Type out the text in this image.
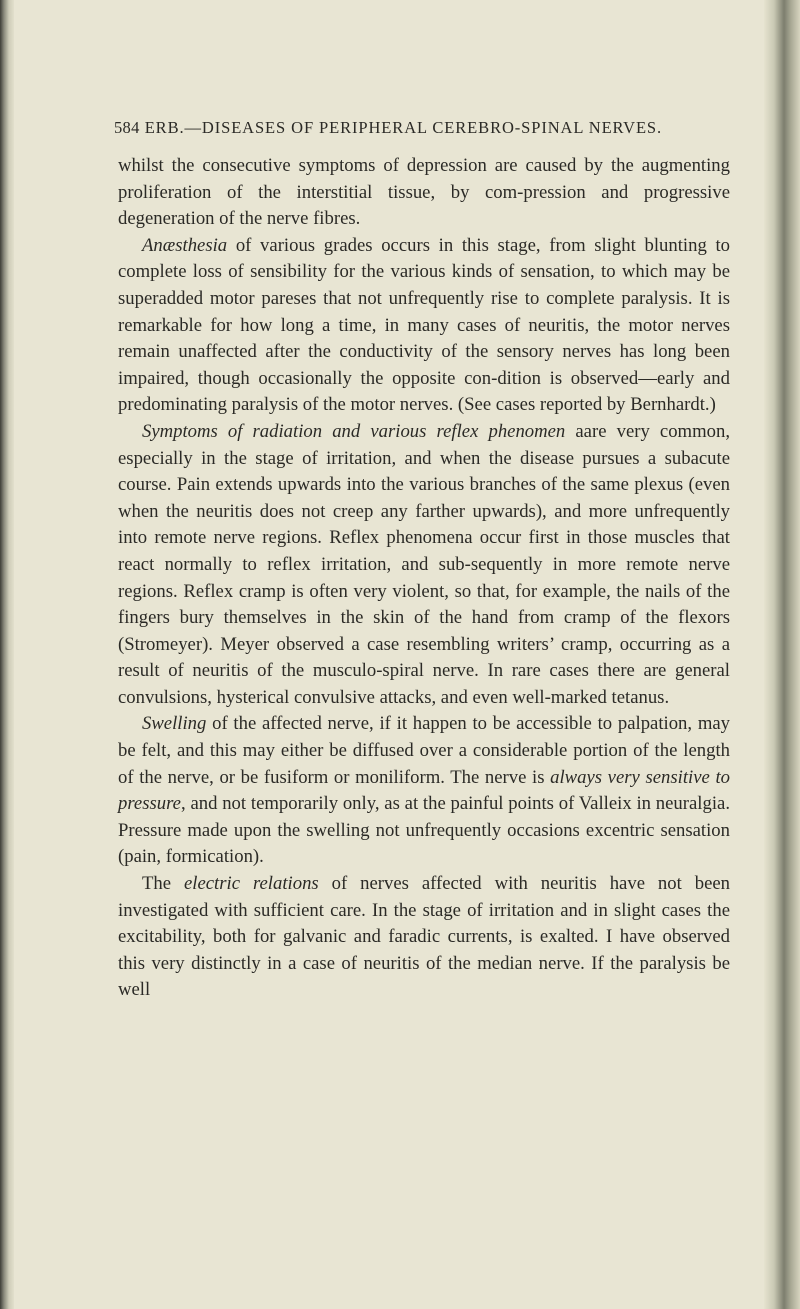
584 ERB.—DISEASES OF PERIPHERAL CEREBRO-SPINAL NERVES.

whilst the consecutive symptoms of depression are caused by the augmenting proliferation of the interstitial tissue, by com-pression and progressive degeneration of the nerve fibres.

Anæsthesia of various grades occurs in this stage, from slight blunting to complete loss of sensibility for the various kinds of sensation, to which may be superadded motor pareses that not unfrequently rise to complete paralysis. It is remarkable for how long a time, in many cases of neuritis, the motor nerves remain unaffected after the conductivity of the sensory nerves has long been impaired, though occasionally the opposite con-dition is observed—early and predominating paralysis of the motor nerves. (See cases reported by Bernhardt.)

Symptoms of radiation and various reflex phenomen aare very common, especially in the stage of irritation, and when the disease pursues a subacute course. Pain extends upwards into the various branches of the same plexus (even when the neuritis does not creep any farther upwards), and more unfrequently into remote nerve regions. Reflex phenomena occur first in those muscles that react normally to reflex irritation, and sub-sequently in more remote nerve regions. Reflex cramp is often very violent, so that, for example, the nails of the fingers bury themselves in the skin of the hand from cramp of the flexors (Stromeyer). Meyer observed a case resembling writers’ cramp, occurring as a result of neuritis of the musculo-spiral nerve. In rare cases there are general convulsions, hysterical convulsive attacks, and even well-marked tetanus.

Swelling of the affected nerve, if it happen to be accessible to palpation, may be felt, and this may either be diffused over a considerable portion of the length of the nerve, or be fusiform or moniliform. The nerve is always very sensitive to pressure, and not temporarily only, as at the painful points of Valleix in neuralgia. Pressure made upon the swelling not unfrequently occasions excentric sensation (pain, formication).

The electric relations of nerves affected with neuritis have not been investigated with sufficient care. In the stage of irritation and in slight cases the excitability, both for galvanic and faradic currents, is exalted. I have observed this very distinctly in a case of neuritis of the median nerve. If the paralysis be well
